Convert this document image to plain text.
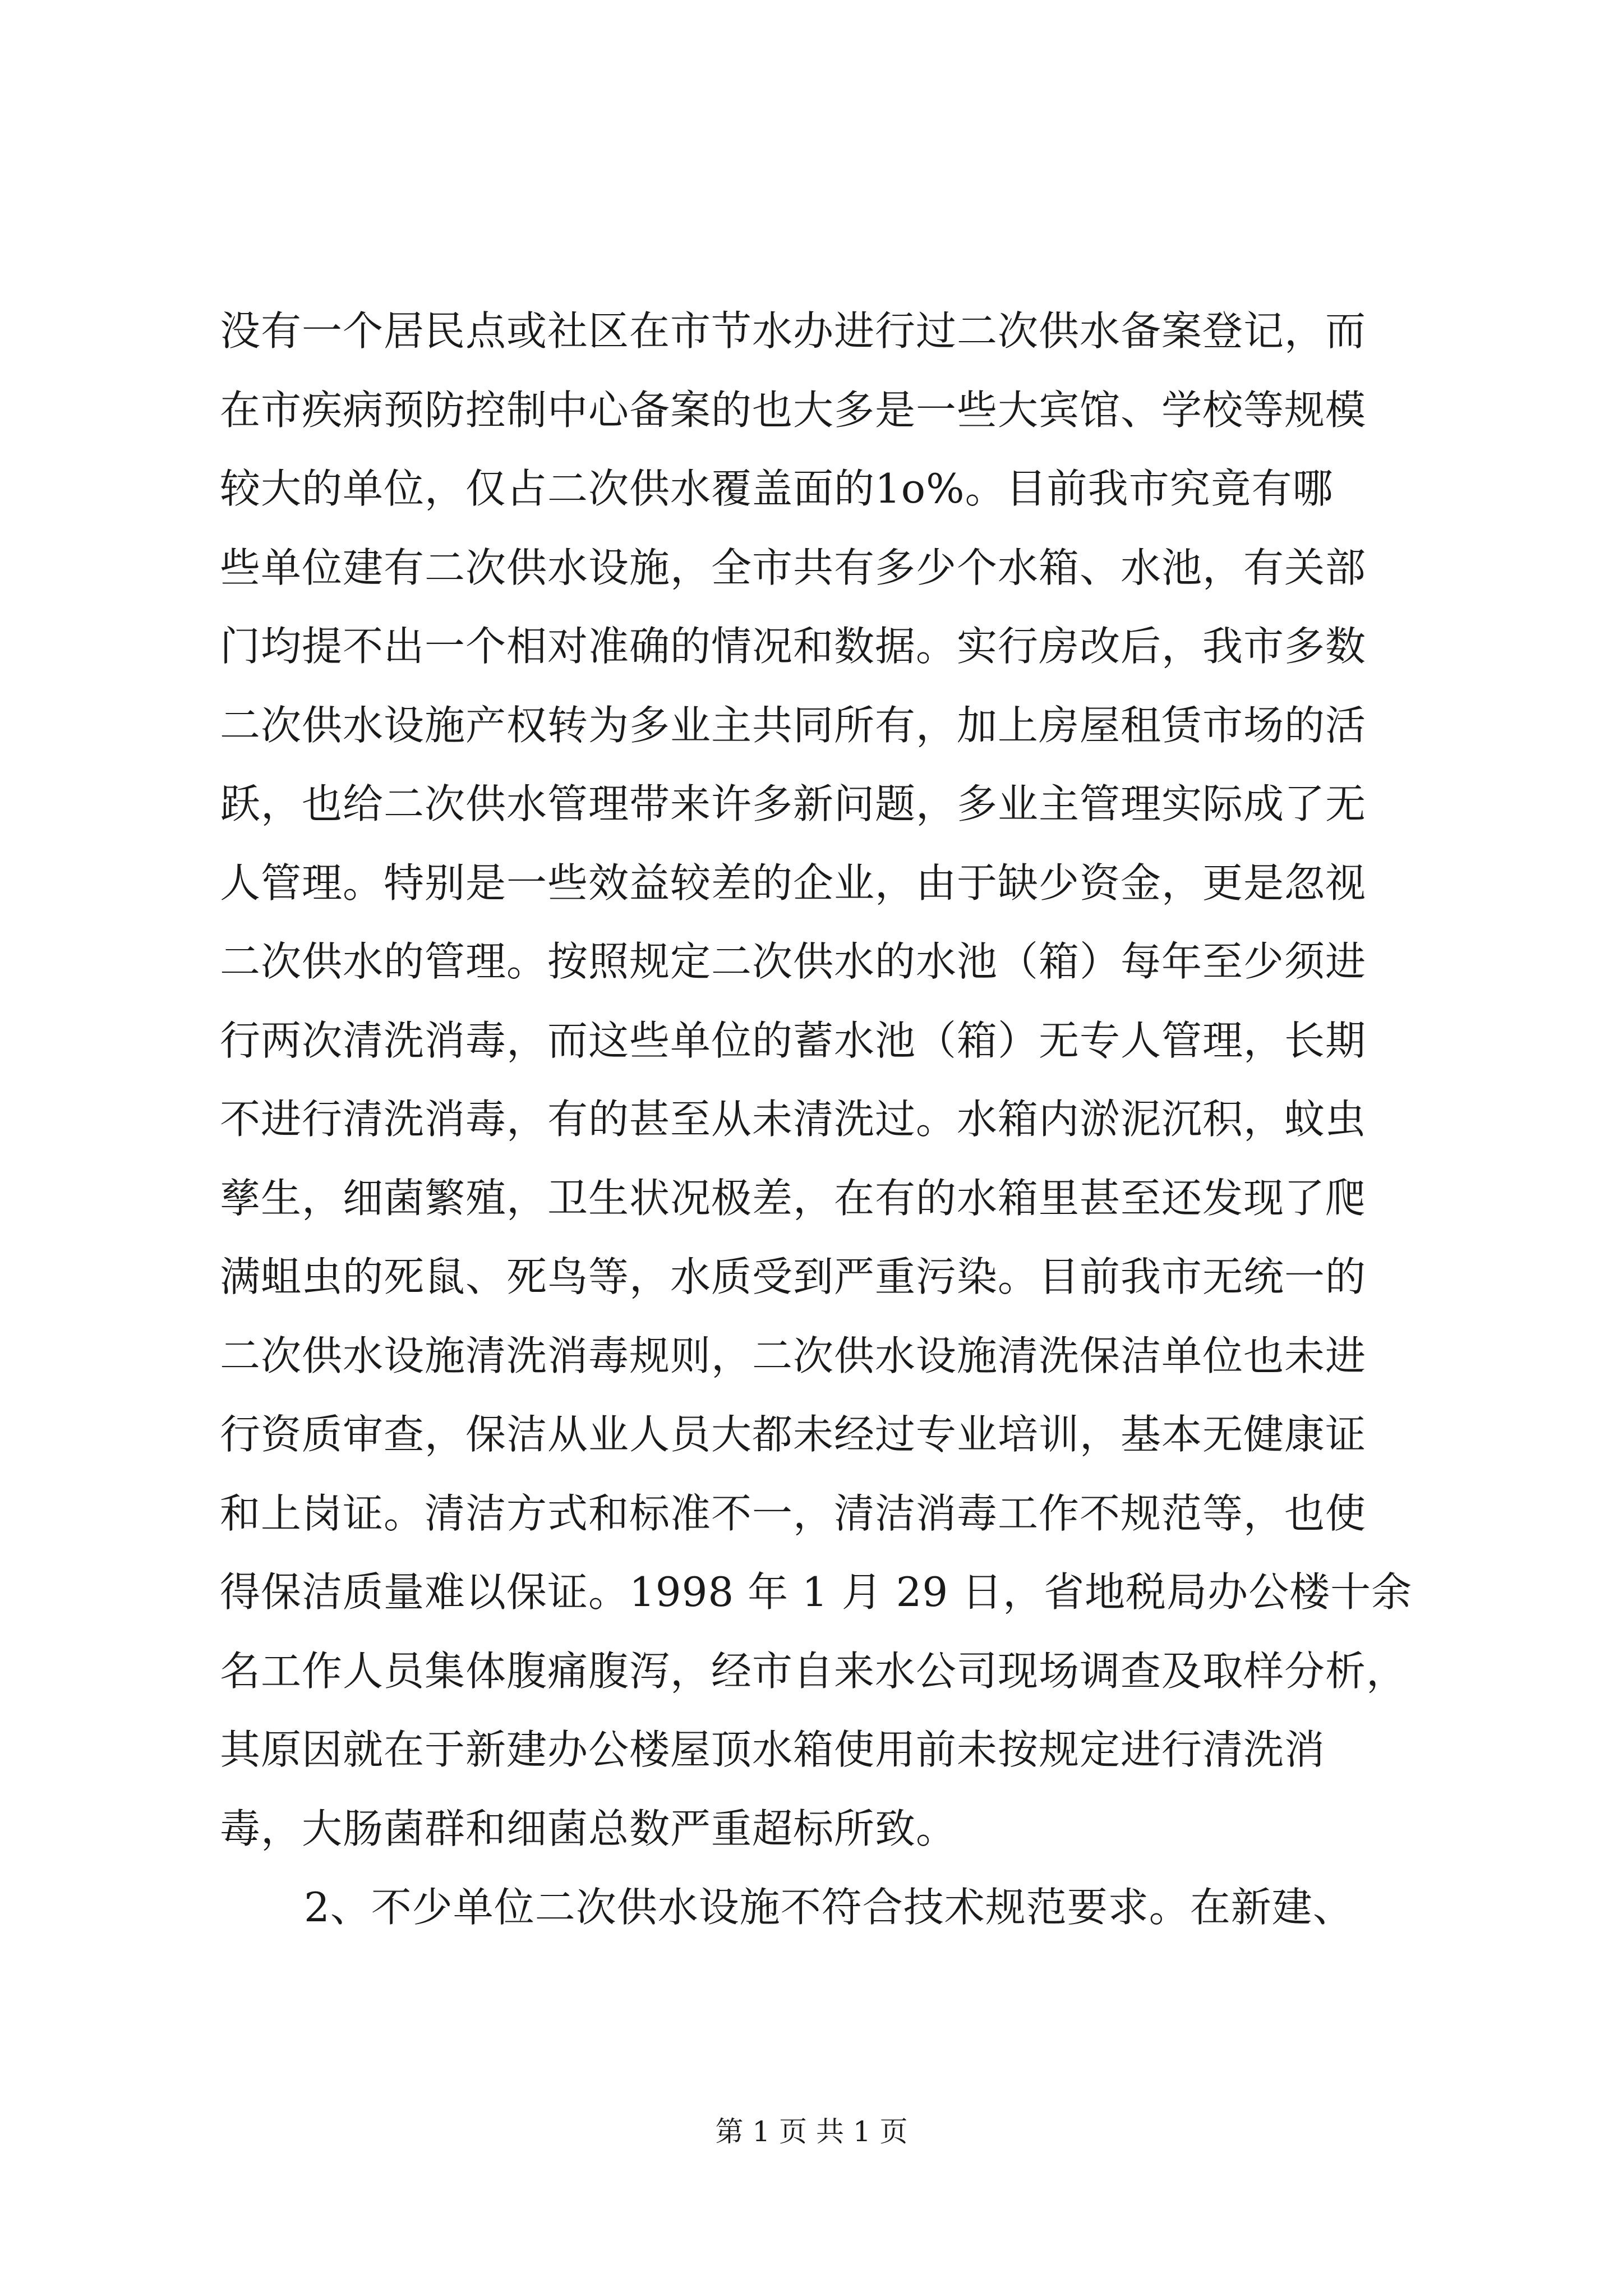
没有一个居民点或社区在市节水办进行过二次供水备案登记，而
在市疾病预防控制中心备案的也大多是一些大宾馆、学校等规模
较大的单位，仅占二次供水覆盖面的1o%。目前我市究竟有哪
些单位建有二次供水设施，全市共有多少个水箱、水池，有关部
门均提不出一个相对准确的情况和数据。实行房改后，我市多数
二次供水设施产权转为多业主共同所有，加上房屋租赁市场的活
跃，也给二次供水管理带来许多新问题，多业主管理实际成了无
人管理。特别是一些效益较差的企业，由于缺少资金，更是忽视
二次供水的管理。按照规定二次供水的水池（箱）每年至少须进
行两次清洗消毒，而这些单位的蓄水池（箱）无专人管理，长期
不进行清洗消毒，有的甚至从未清洗过。水箱内淤泥沉积，蚊虫
孳生，细菌繁殖，卫生状况极差，在有的水箱里甚至还发现了爬
满蛆虫的死鼠、死鸟等，水质受到严重污染。目前我市无统一的
二次供水设施清洗消毒规则，二次供水设施清洗保洁单位也未进
行资质审查，保洁从业人员大都未经过专业培训，基本无健康证
和上岗证。清洁方式和标准不一，清洁消毒工作不规范等，也使
得保洁质量难以保证。1998 年 1 月 29 日，省地税局办公楼十余
名工作人员集体腹痛腹泻，经市自来水公司现场调查及取样分析，
其原因就在于新建办公楼屋顶水箱使用前未按规定进行清洗消
毒，大肠菌群和细菌总数严重超标所致。
2、不少单位二次供水设施不符合技术规范要求。在新建、
第 1 页 共 1 页
